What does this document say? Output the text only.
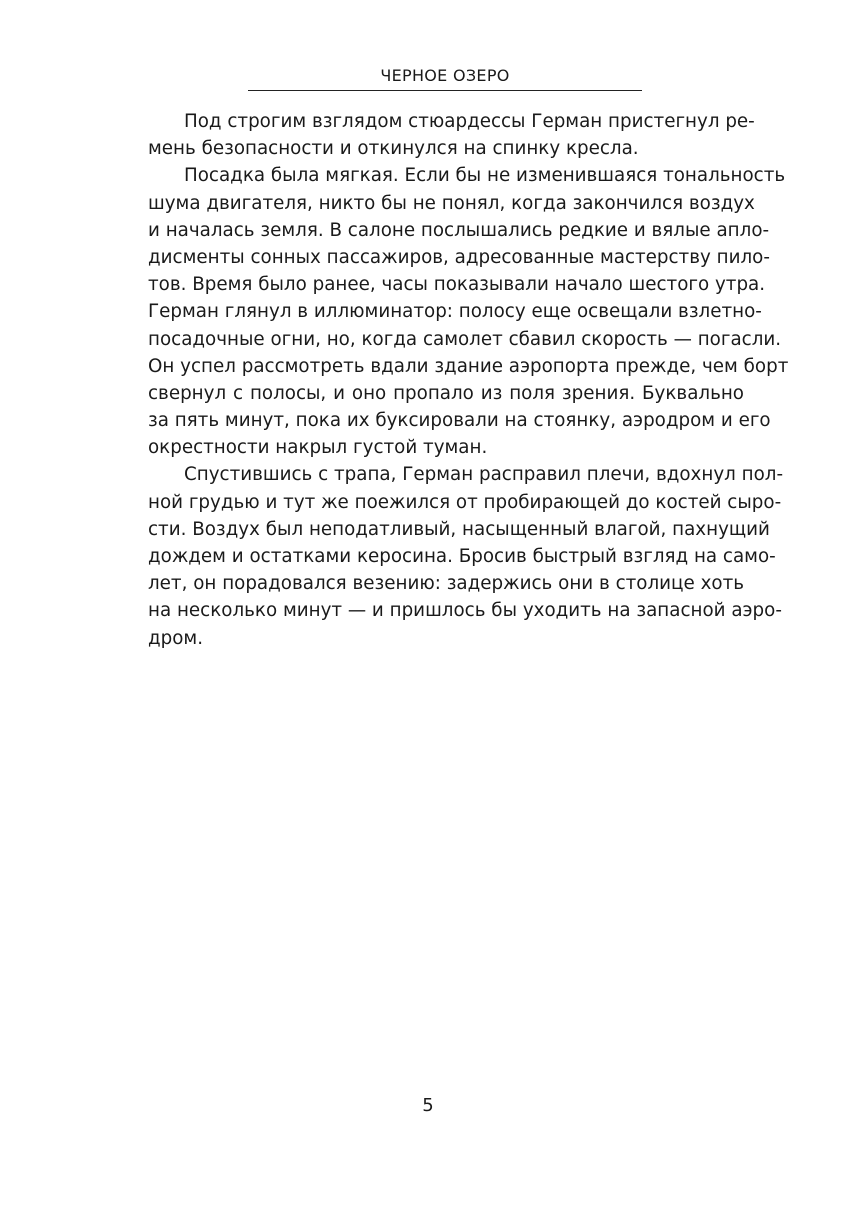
ЧЕРНОЕ ОЗЕРО
Под строгим взглядом стюардессы Герман пристегнул ре-
мень безопасности и откинулся на спинку кресла.
Посадка была мягкая. Если бы не изменившаяся тональность
шума двигателя, никто бы не понял, когда закончился воздух
и началась земля. В салоне послышались редкие и вялые апло-
дисменты сонных пассажиров, адресованные мастерству пило-
тов. Время было ранее, часы показывали начало шестого утра.
Герман глянул в иллюминатор: полосу еще освещали взлетно-
посадочные огни, но, когда самолет сбавил скорость — погасли.
Он успел рассмотреть вдали здание аэропорта прежде, чем борт
свернул с полосы, и оно пропало из поля зрения. Буквально
за пять минут, пока их буксировали на стоянку, аэродром и его
окрестности накрыл густой туман.
Спустившись с трапа, Герман расправил плечи, вдохнул пол-
ной грудью и тут же поежился от пробирающей до костей сыро-
сти. Воздух был неподатливый, насыщенный влагой, пахнущий
дождем и остатками керосина. Бросив быстрый взгляд на само-
лет, он порадовался везению: задержись они в столице хоть
на несколько минут — и пришлось бы уходить на запасной аэро-
дром.
5
